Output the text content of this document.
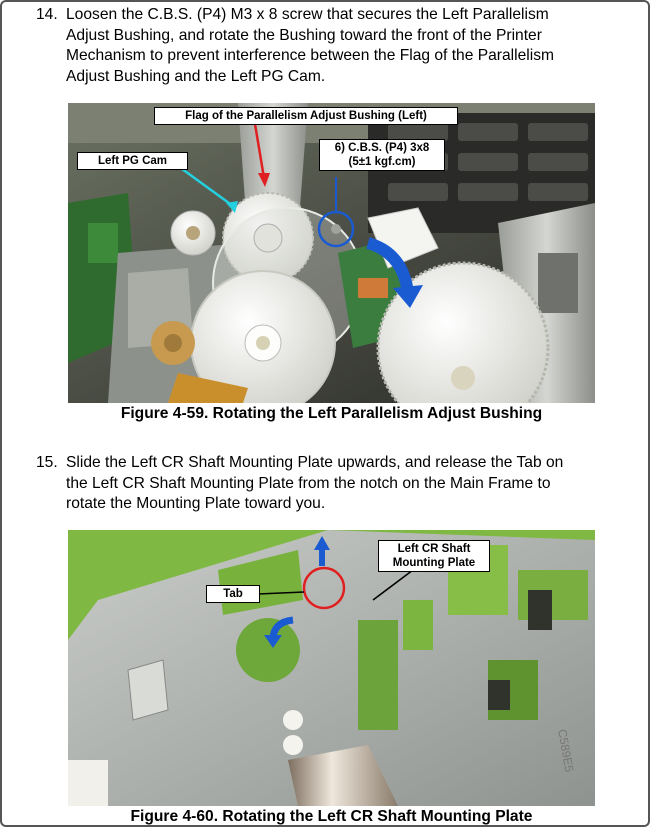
14. Loosen the C.B.S. (P4) M3 x 8 screw that secures the Left Parallelism
Adjust Bushing, and rotate the Bushing toward the front of the Printer
Mechanism to prevent interference between the Flag of the Parallelism
Adjust Bushing and the Left PG Cam.
Flag of the Parallelism Adjust Bushing (Left)
Left PG Cam
6) C.B.S. (P4) 3x8
(5±1 kgf.cm)
Figure 4-59. Rotating the Left Parallelism Adjust Bushing
15. Slide the Left CR Shaft Mounting Plate upwards, and release the Tab on
the Left CR Shaft Mounting Plate from the notch on the Main Frame to
rotate the Mounting Plate toward you.
C589E5
Tab
Left CR Shaft
Mounting Plate
Figure 4-60. Rotating the Left CR Shaft Mounting Plate
